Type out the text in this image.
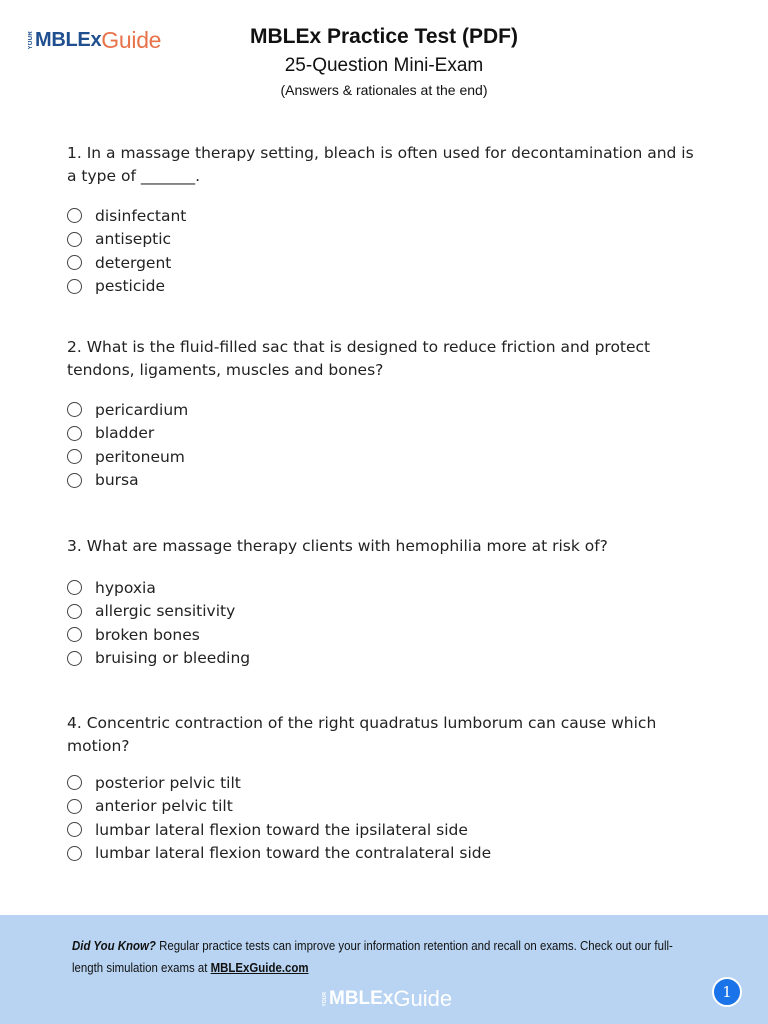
YOUR MBLEx Guide	MBLEx Practice Test (PDF)
25-Question Mini-Exam
(Answers & rationales at the end)

1. In a massage therapy setting, bleach is often used for decontamination and is a type of _______.

disinfectant
antiseptic
detergent
pesticide

2. What is the fluid-filled sac that is designed to reduce friction and protect tendons, ligaments, muscles and bones?

pericardium
bladder
peritoneum
bursa

3. What are massage therapy clients with hemophilia more at risk of?

hypoxia
allergic sensitivity
broken bones
bruising or bleeding

4. Concentric contraction of the right quadratus lumborum can cause which motion?

posterior pelvic tilt
anterior pelvic tilt
lumbar lateral flexion toward the ipsilateral side
lumbar lateral flexion toward the contralateral side
Did You Know? Regular practice tests can improve your information retention and recall on exams. Check out our full-length simulation exams at MBLExGuide.com
YOUR MBLEx Guide	1
